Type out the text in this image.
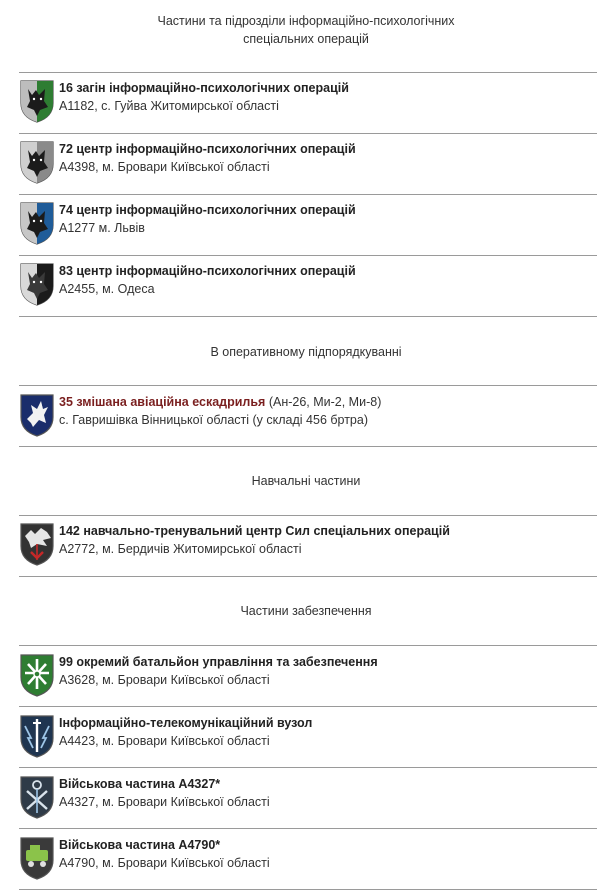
Частини та підрозділи інформаційно-психологічних
спеціальних операцій
16 загін інформаційно-психологічних операцій
А1182, с. Гуйва Житомирської області
72 центр інформаційно-психологічних операцій
А4398, м. Бровари Київської області
74 центр інформаційно-психологічних операцій
А1277 м. Львів
83 центр інформаційно-психологічних операцій
А2455, м. Одеса
В оперативному підпорядкуванні
35 змішана авіаційна ескадрилья (Ан-26, Ми-2, Ми-8)
с. Гавришівка Вінницької області (у складі 456 бртра)
Навчальні частини
142 навчально-тренувальний центр Сил спеціальних операцій
А2772, м. Бердичів Житомирської області
Частини забезпечення
99 окремий батальйон управління та забезпечення
А3628, м. Бровари Київської області
Інформаційно-телекомунікаційний вузол
А4423, м. Бровари Київської області
Військова частина А4327*
А4327, м. Бровари Київської області
Військова частина А4790*
А4790, м. Бровари Київської області
